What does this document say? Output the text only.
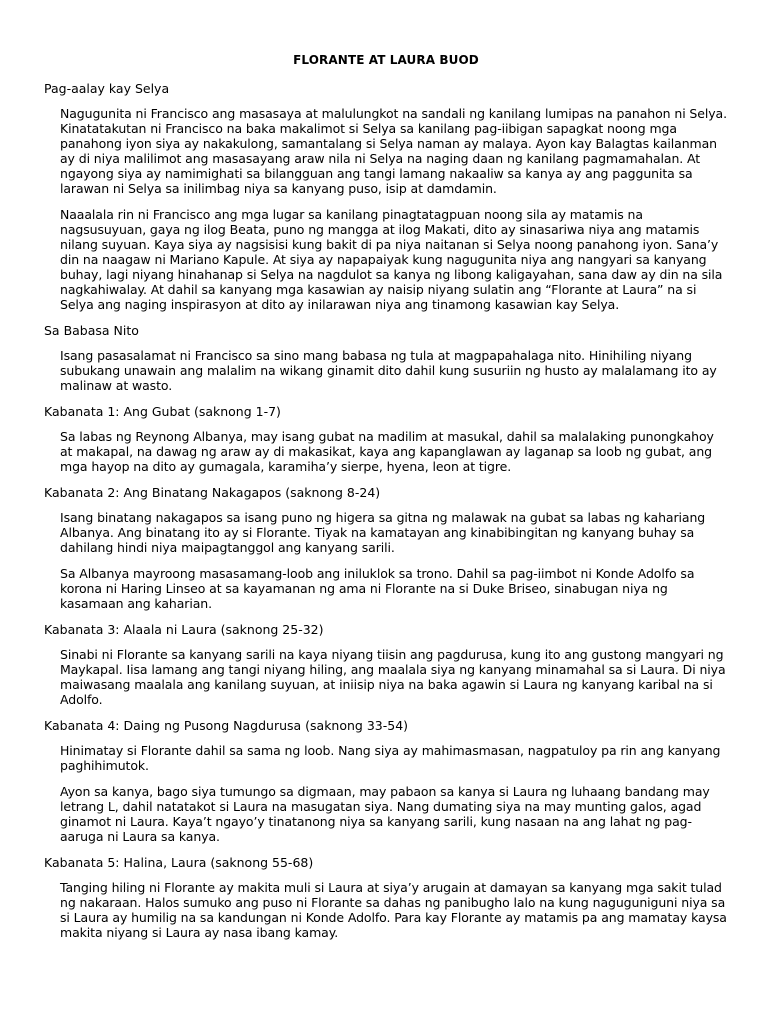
FLORANTE AT LAURA BUOD
Pag-aalay kay Selya

Nagugunita ni Francisco ang masasaya at malulungkot na sandali ng kanilang lumipas na panahon ni Selya. Kinatatakutan ni Francisco na baka makalimot si Selya sa kanilang pag-iibigan sapagkat noong mga panahong iyon siya ay nakakulong, samantalang si Selya naman ay malaya. Ayon kay Balagtas kailanman ay di niya malilimot ang masasayang araw nila ni Selya na naging daan ng kanilang pagmamahalan. At ngayong siya ay namimighati sa bilangguan ang tangi lamang nakaaliw sa kanya ay ang paggunita sa larawan ni Selya sa inilimbag niya sa kanyang puso, isip at damdamin.

Naaalala rin ni Francisco ang mga lugar sa kanilang pinagtatagpuan noong sila ay matamis na nagsusuyuan, gaya ng ilog Beata, puno ng mangga at ilog Makati, dito ay sinasariwa niya ang matamis nilang suyuan. Kaya siya ay nagsisisi kung bakit di pa niya naitanan si Selya noong panahong iyon. Sana’y din na naagaw ni Mariano Kapule. At siya ay napapaiyak kung nagugunita niya ang nangyari sa kanyang buhay, lagi niyang hinahanap si Selya na nagdulot sa kanya ng libong kaligayahan, sana daw ay din na sila nagkahiwalay. At dahil sa kanyang mga kasawian ay naisip niyang sulatin ang “Florante at Laura” na si Selya ang naging inspirasyon at dito ay inilarawan niya ang tinamong kasawian kay Selya.

Sa Babasa Nito

Isang pasasalamat ni Francisco sa sino mang babasa ng tula at magpapahalaga nito. Hinihiling niyang subukang unawain ang malalim na wikang ginamit dito dahil kung susuriin ng husto ay malalamang ito ay malinaw at wasto.

Kabanata 1: Ang Gubat (saknong 1-7)

Sa labas ng Reynong Albanya, may isang gubat na madilim at masukal, dahil sa malalaking punongkahoy at makapal, na dawag ng araw ay di makasikat, kaya ang kapanglawan ay laganap sa loob ng gubat, ang mga hayop na dito ay gumagala, karamiha’y sierpe, hyena, leon at tigre.

Kabanata 2: Ang Binatang Nakagapos (saknong 8-24)

Isang binatang nakagapos sa isang puno ng higera sa gitna ng malawak na gubat sa labas ng kahariang Albanya. Ang binatang ito ay si Florante. Tiyak na kamatayan ang kinabibingitan ng kanyang buhay sa dahilang hindi niya maipagtanggol ang kanyang sarili.

Sa Albanya mayroong masasamang-loob ang iniluklok sa trono. Dahil sa pag-iimbot ni Konde Adolfo sa korona ni Haring Linseo at sa kayamanan ng ama ni Florante na si Duke Briseo, sinabugan niya ng kasamaan ang kaharian.

Kabanata 3: Alaala ni Laura (saknong 25-32)

Sinabi ni Florante sa kanyang sarili na kaya niyang tiisin ang pagdurusa, kung ito ang gustong mangyari ng Maykapal. Iisa lamang ang tangi niyang hiling, ang maalala siya ng kanyang minamahal sa si Laura. Di niya maiwasang maalala ang kanilang suyuan, at iniisip niya na baka agawin si Laura ng kanyang karibal na si Adolfo.

Kabanata 4: Daing ng Pusong Nagdurusa (saknong 33-54)

Hinimatay si Florante dahil sa sama ng loob. Nang siya ay mahimasmasan, nagpatuloy pa rin ang kanyang paghihimutok.

Ayon sa kanya, bago siya tumungo sa digmaan, may pabaon sa kanya si Laura ng luhaang bandang may letrang L, dahil natatakot si Laura na masugatan siya. Nang dumating siya na may munting galos, agad ginamot ni Laura. Kaya’t ngayo’y tinatanong niya sa kanyang sarili, kung nasaan na ang lahat ng pag-aaruga ni Laura sa kanya.

Kabanata 5: Halina, Laura (saknong 55-68)

Tanging hiling ni Florante ay makita muli si Laura at siya’y arugain at damayan sa kanyang mga sakit tulad ng nakaraan. Halos sumuko ang puso ni Florante sa dahas ng panibugho lalo na kung naguguniguni niya sa si Laura ay humilig na sa kandungan ni Konde Adolfo. Para kay Florante ay matamis pa ang mamatay kaysa makita niyang si Laura ay nasa ibang kamay.
